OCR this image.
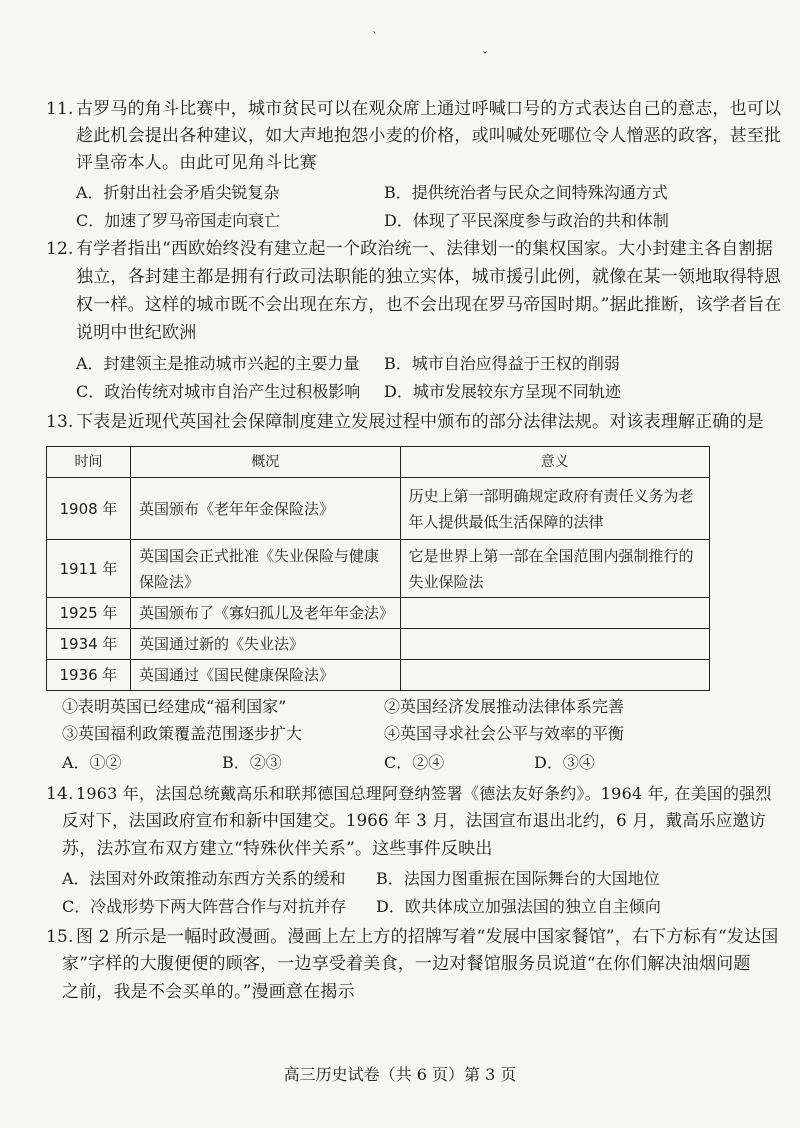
`
ˇ
11. 古罗马的角斗比赛中，城市贫民可以在观众席上通过呼喊口号的方式表达自己的意志，也可以
趁此机会提出各种建议，如大声地抱怨小麦的价格，或叫喊处死哪位令人憎恶的政客，甚至批
评皇帝本人。由此可见角斗比赛
A．折射出社会矛盾尖锐复杂	B．提供统治者与民众之间特殊沟通方式
C．加速了罗马帝国走向衰亡	D．体现了平民深度参与政治的共和体制
12. 有学者指出“西欧始终没有建立起一个政治统一、法律划一的集权国家。大小封建主各自割据
独立，各封建主都是拥有行政司法职能的独立实体，城市援引此例，就像在某一领地取得特恩
权一样。这样的城市既不会出现在东方，也不会出现在罗马帝国时期。”据此推断，该学者旨在
说明中世纪欧洲
A．封建领主是推动城市兴起的主要力量 B．城市自治应得益于王权的削弱
C．政治传统对城市自治产生过积极影响 D．城市发展较东方呈现不同轨迹
13. 下表是近现代英国社会保障制度建立发展过程中颁布的部分法律法规。对该表理解正确的是
时间	概况	意义
1908 年	英国颁布《老年年金保险法》	历史上第一部明确规定政府有责任义务为老年人提供最低生活保障的法律
1911 年	英国国会正式批准《失业保险与健康保险法》	它是世界上第一部在全国范围内强制推行的失业保险法
1925 年	英国颁布了《寡妇孤儿及老年年金法》	
1934 年	英国通过新的《失业法》	
1936 年	英国通过《国民健康保险法》	
①表明英国已经建成“福利国家”	②英国经济发展推动法律体系完善
③英国福利政策覆盖范围逐步扩大	④英国寻求社会公平与效率的平衡
A．①②	B．②③	C．②④	D．③④
14. 1963 年，法国总统戴高乐和联邦德国总理阿登纳签署《德法友好条约》。1964 年, 在美国的强烈
反对下，法国政府宣布和新中国建交。1966 年 3 月，法国宣布退出北约，6 月，戴高乐应邀访
苏，法苏宣布双方建立“特殊伙伴关系”。这些事件反映出
A．法国对外政策推动东西方关系的缓和 B．法国力图重振在国际舞台的大国地位
C．冷战形势下两大阵营合作与对抗并存 D．欧共体成立加强法国的独立自主倾向
15. 图 2 所示是一幅时政漫画。漫画上左上方的招牌写着“发展中国家餐馆”，右下方标有“发达国
家”字样的大腹便便的顾客，一边享受着美食，一边对餐馆服务员说道“在你们解决油烟问题
之前，我是不会买单的。”漫画意在揭示
高三历史试卷（共 6 页）第 3 页
